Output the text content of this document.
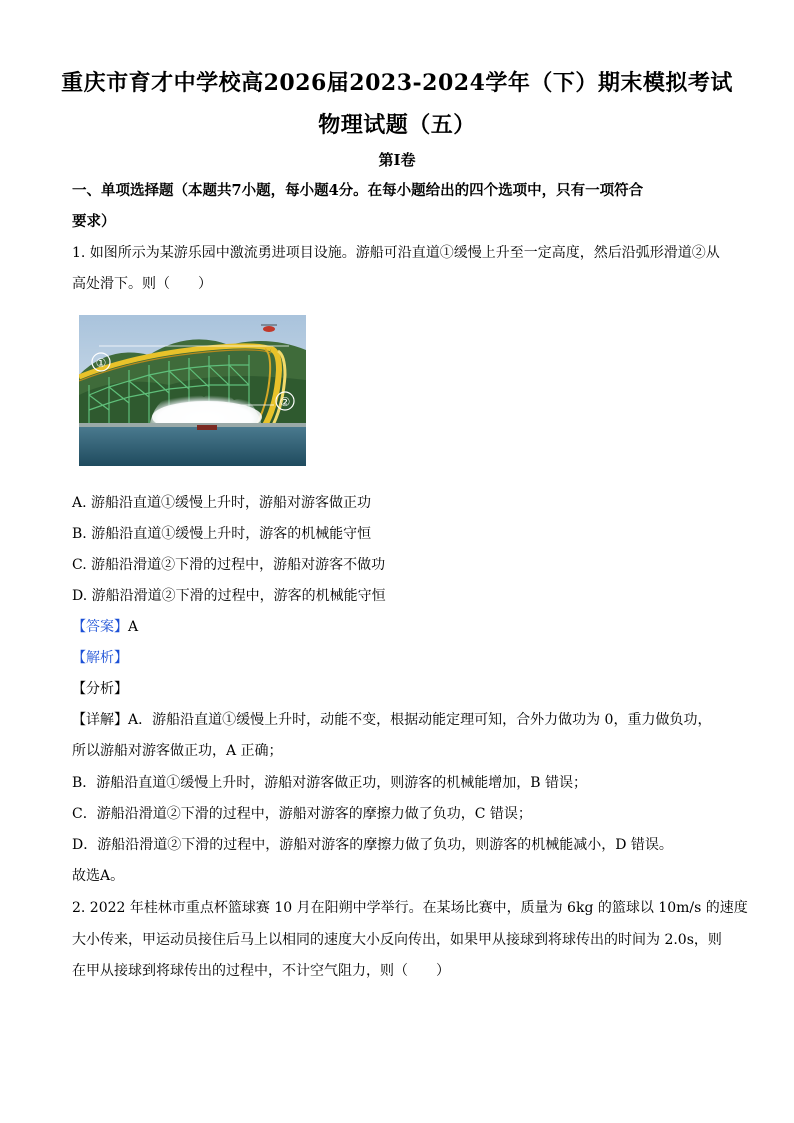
重庆市育才中学校高2026届2023-2024学年（下）期末模拟考试
物理试题（五）
第I卷
一、单项选择题（本题共7小题，每小题4分。在每小题给出的四个选项中，只有一项符合
要求）
1. 如图所示为某游乐园中激流勇进项目设施。游船可沿直道①缓慢上升至一定高度，然后沿弧形滑道②从
高处滑下。则（　　）
①
②
A. 游船沿直道①缓慢上升时，游船对游客做正功
B. 游船沿直道①缓慢上升时，游客的机械能守恒
C. 游船沿滑道②下滑的过程中，游船对游客不做功
D. 游船沿滑道②下滑的过程中，游客的机械能守恒
【答案】A
【解析】
【分析】
【详解】A．游船沿直道①缓慢上升时，动能不变，根据动能定理可知，合外力做功为 0，重力做负功，
所以游船对游客做正功，A 正确；
B．游船沿直道①缓慢上升时，游船对游客做正功，则游客的机械能增加，B 错误；
C．游船沿滑道②下滑的过程中，游船对游客的摩擦力做了负功，C 错误；
D．游船沿滑道②下滑的过程中，游船对游客的摩擦力做了负功，则游客的机械能减小，D 错误。
故选A。
2. 2022 年桂林市重点杯篮球赛 10 月在阳朔中学举行。在某场比赛中，质量为 6kg 的篮球以 10m/s 的速度
大小传来，甲运动员接住后马上以相同的速度大小反向传出，如果甲从接球到将球传出的时间为 2.0s，则
在甲从接球到将球传出的过程中，不计空气阻力，则（　　）
